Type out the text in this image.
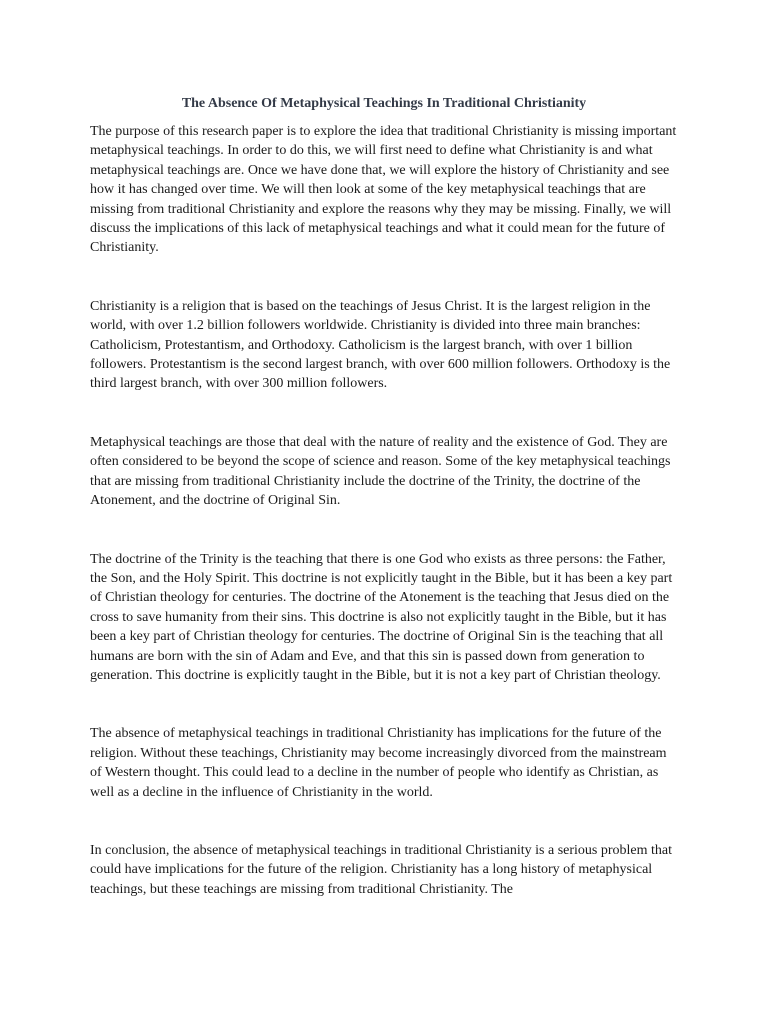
The Absence Of Metaphysical Teachings In Traditional Christianity

The purpose of this research paper is to explore the idea that traditional Christianity is missing important metaphysical teachings. In order to do this, we will first need to define what Christianity is and what metaphysical teachings are. Once we have done that, we will explore the history of Christianity and see how it has changed over time. We will then look at some of the key metaphysical teachings that are missing from traditional Christianity and explore the reasons why they may be missing. Finally, we will discuss the implications of this lack of metaphysical teachings and what it could mean for the future of Christianity.

Christianity is a religion that is based on the teachings of Jesus Christ. It is the largest religion in the world, with over 1.2 billion followers worldwide. Christianity is divided into three main branches: Catholicism, Protestantism, and Orthodoxy. Catholicism is the largest branch, with over 1 billion followers. Protestantism is the second largest branch, with over 600 million followers. Orthodoxy is the third largest branch, with over 300 million followers.

Metaphysical teachings are those that deal with the nature of reality and the existence of God. They are often considered to be beyond the scope of science and reason. Some of the key metaphysical teachings that are missing from traditional Christianity include the doctrine of the Trinity, the doctrine of the Atonement, and the doctrine of Original Sin.

The doctrine of the Trinity is the teaching that there is one God who exists as three persons: the Father, the Son, and the Holy Spirit. This doctrine is not explicitly taught in the Bible, but it has been a key part of Christian theology for centuries. The doctrine of the Atonement is the teaching that Jesus died on the cross to save humanity from their sins. This doctrine is also not explicitly taught in the Bible, but it has been a key part of Christian theology for centuries. The doctrine of Original Sin is the teaching that all humans are born with the sin of Adam and Eve, and that this sin is passed down from generation to generation. This doctrine is explicitly taught in the Bible, but it is not a key part of Christian theology.

The absence of metaphysical teachings in traditional Christianity has implications for the future of the religion. Without these teachings, Christianity may become increasingly divorced from the mainstream of Western thought. This could lead to a decline in the number of people who identify as Christian, as well as a decline in the influence of Christianity in the world.

In conclusion, the absence of metaphysical teachings in traditional Christianity is a serious problem that could have implications for the future of the religion. Christianity has a long history of metaphysical teachings, but these teachings are missing from traditional Christianity. The
